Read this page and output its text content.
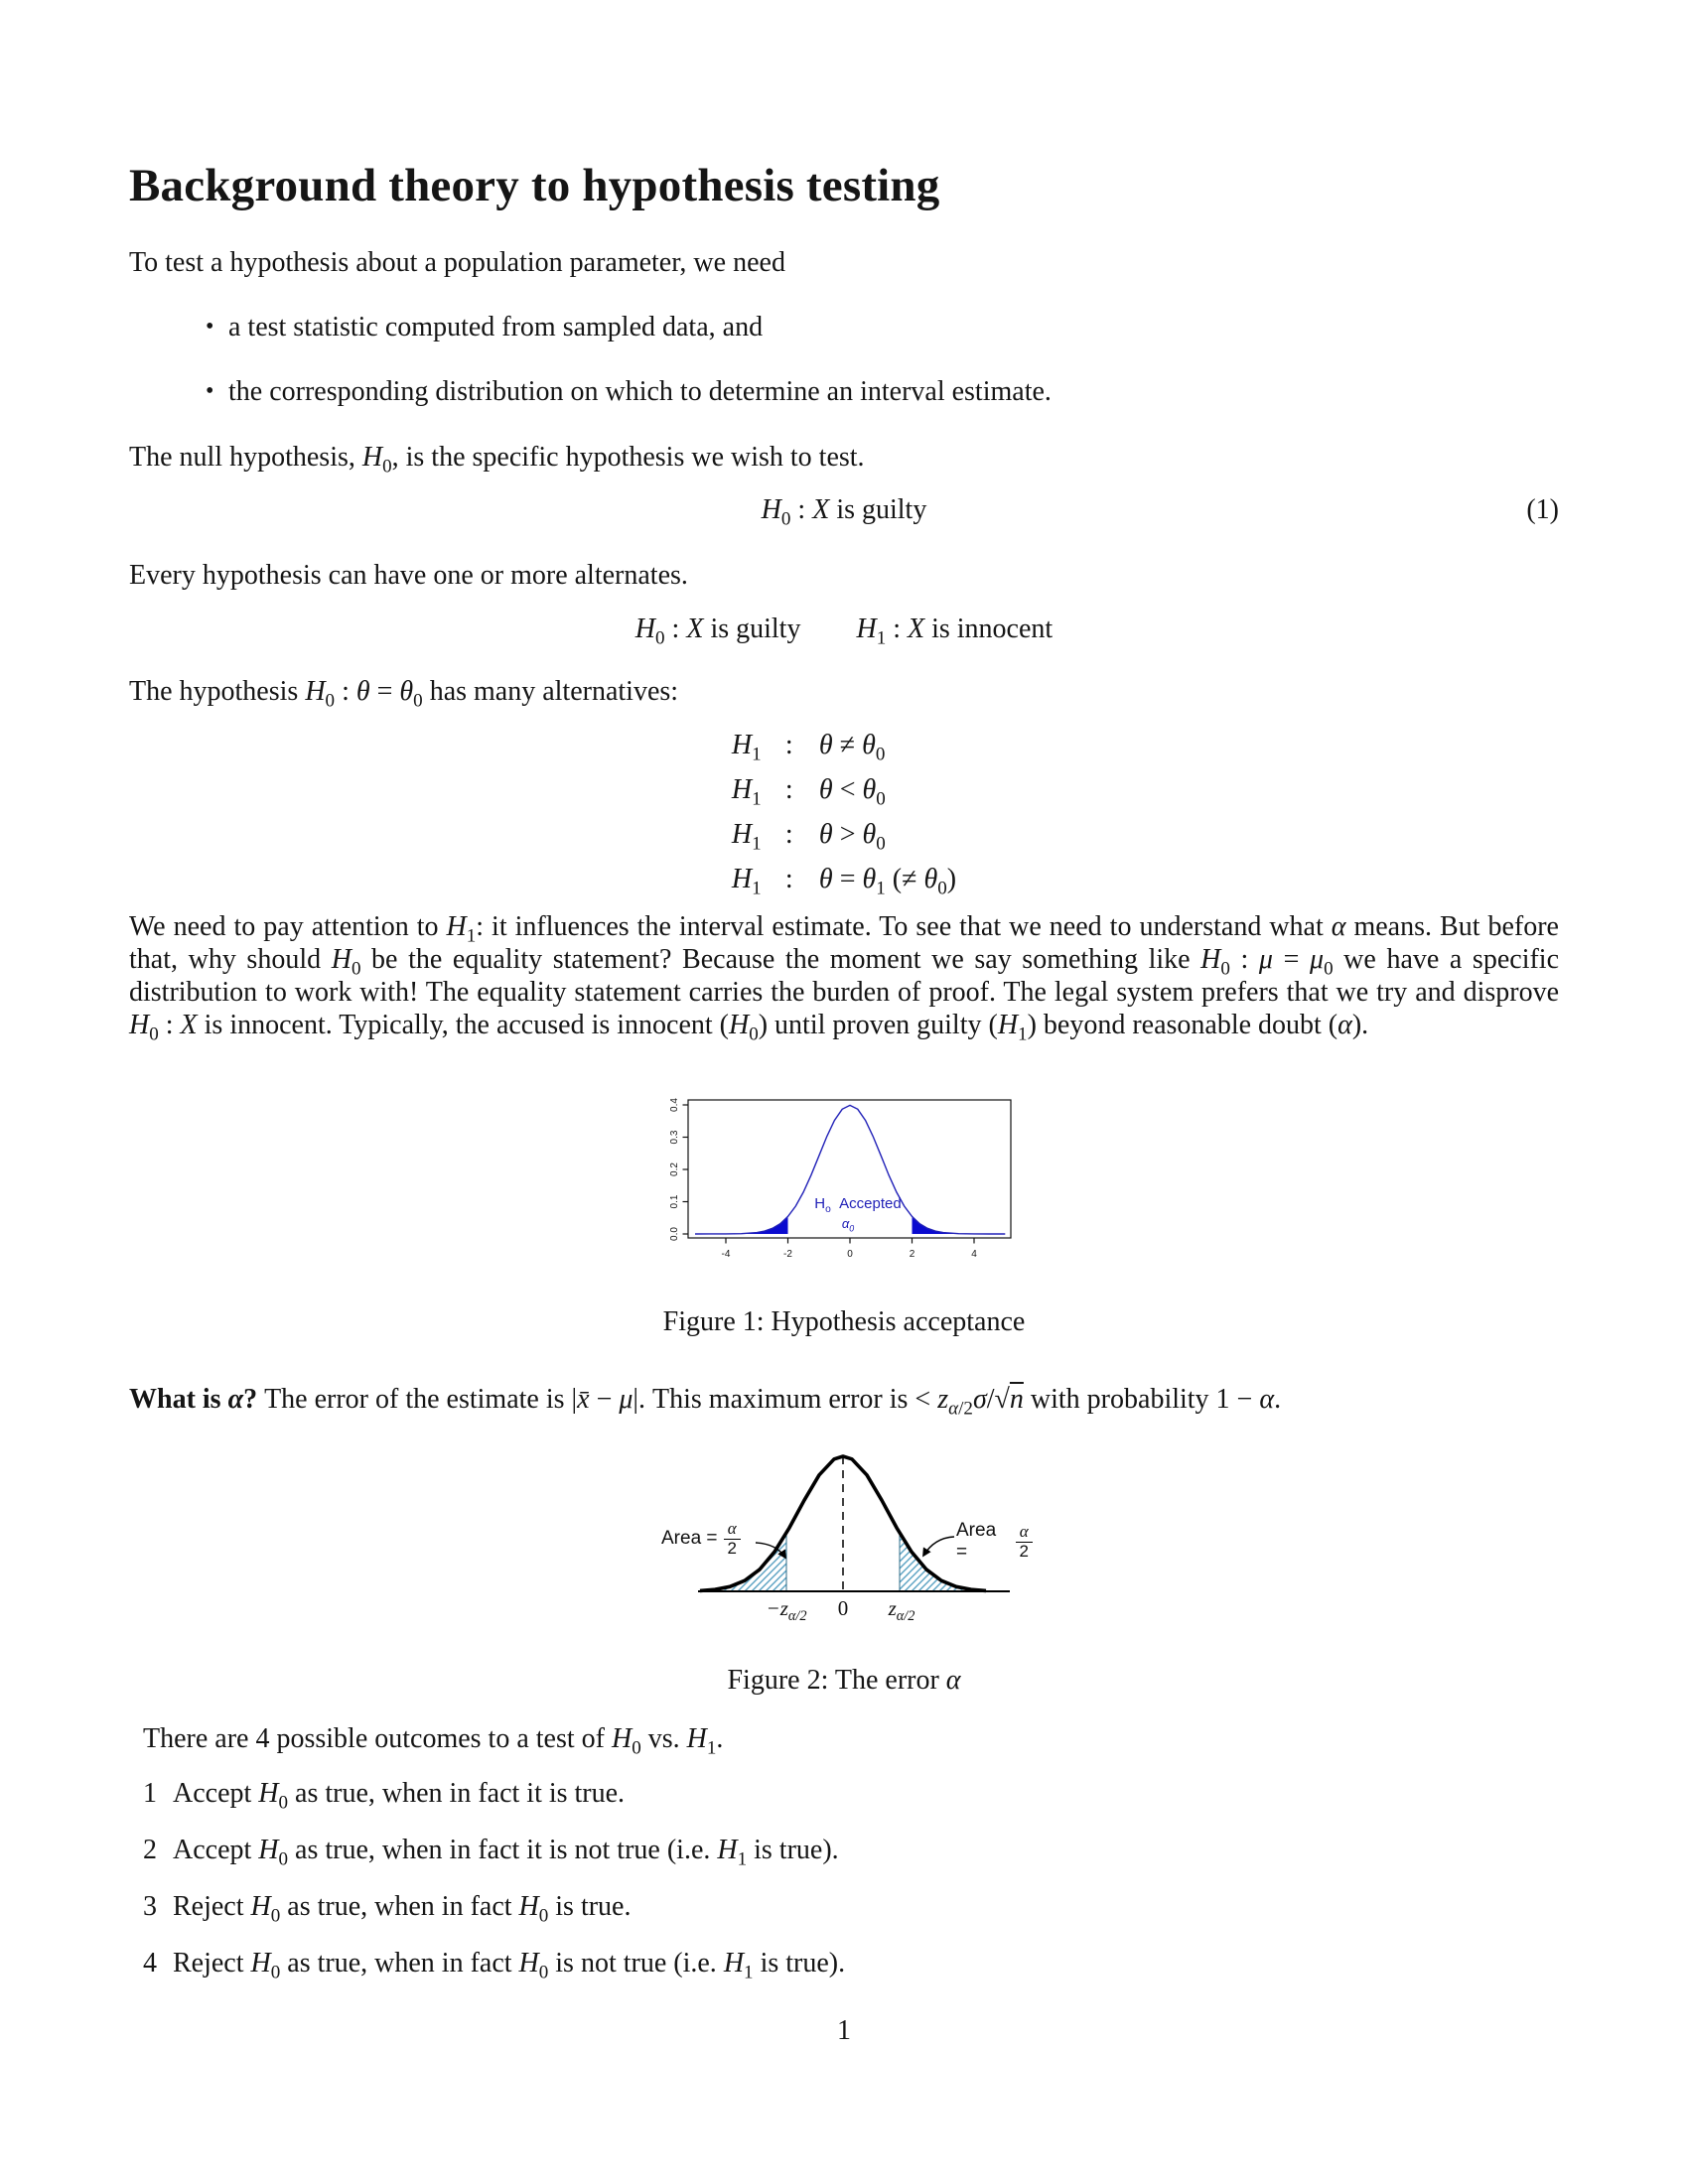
Background theory to hypothesis testing

To test a hypothesis about a population parameter, we need

• a test statistic computed from sampled data, and
• the corresponding distribution on which to determine an interval estimate.

The null hypothesis, $H_0$, is the specific hypothesis we wish to test.

$H_0$ : X is guilty	(1)

Every hypothesis can have one or more alternates.

$H_0$ : X is guilty $H_1$ : X is innocent

The hypothesis $H_0$ : $\theta = \theta_0$ has many alternatives:

$H_1$ : $\theta \ne \theta_0$
$H_1$ : $\theta < \theta_0$
$H_1$ : $\theta > \theta_0$
$H_1$ : $\theta = \theta_1$ (≠ $\theta_0$)

We need to pay attention to $H_1$: it influences the interval estimate. To see that we need to understand what α means. But before that, why should $H_0$ be the equality statement? Because the moment we say something like $H_0$ : $\mu = \mu_0$ we have a specific distribution to work with! The equality statement carries the burden of proof. The legal system prefers that we try and disprove $H_0$ : X is innocent. Typically, the accused is innocent $(H_0)$ until proven guilty $(H_1)$ beyond reasonable doubt (α).

-4	-2	0	2	4
0.0
0.1
0.2
0.3
0.4
$H_o$  Accepted
$\alpha_0$

Figure 1: Hypothesis acceptance

What is α? The error of the estimate is |x̄ − μ|. This maximum error is < $z_{\alpha/2}\sigma/√n$ with probability 1 − α.

Area = $\frac{\alpha}{2}$	Area =	$\frac{\alpha}{2}$
$-z_{\alpha/2}$ 0 $z_{\alpha/2}$

Figure 2: The error α

There are 4 possible outcomes to a test of $H_0$ vs. $H_1$.

1 Accept $H_0$ as true, when in fact it is true.
2 Accept $H_0$ as true, when in fact it is not true (i.e. $H_1$ is true).
3 Reject $H_0$ as true, when in fact $H_0$ is true.
4 Reject $H_0$ as true, when in fact $H_0$ is not true (i.e. $H_1$ is true).

1
